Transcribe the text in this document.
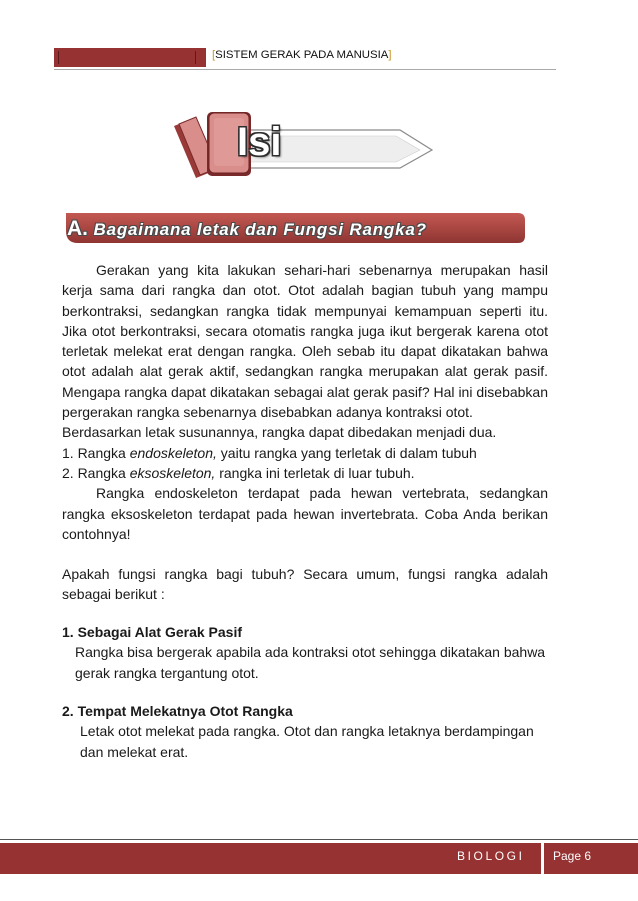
[SISTEM GERAK PADA MANUSIA]
Isi
A. Bagaimana letak dan Fungsi Rangka?

Gerakan yang kita lakukan sehari-hari sebenarnya merupakan hasil kerja sama dari rangka dan otot. Otot adalah bagian tubuh yang mampu berkontraksi, sedangkan rangka tidak mempunyai kemampuan seperti itu. Jika otot berkontraksi, secara otomatis rangka juga ikut bergerak karena otot terletak melekat erat dengan rangka. Oleh sebab itu dapat dikatakan bahwa otot adalah alat gerak aktif, sedangkan rangka merupakan alat gerak pasif. Mengapa rangka dapat dikatakan sebagai alat gerak pasif? Hal ini disebabkan pergerakan rangka sebenarnya disebabkan adanya kontraksi otot.

Berdasarkan letak susunannya, rangka dapat dibedakan menjadi dua.

1. Rangka endoskeleton, yaitu rangka yang terletak di dalam tubuh

2. Rangka eksoskeleton, rangka ini terletak di luar tubuh.

Rangka endoskeleton terdapat pada hewan vertebrata, sedangkan rangka eksoskeleton terdapat pada hewan invertebrata. Coba Anda berikan contohnya!

Apakah fungsi rangka bagi tubuh? Secara umum, fungsi rangka adalah sebagai berikut :

1. Sebagai Alat Gerak Pasif

Rangka bisa bergerak apabila ada kontraksi otot sehingga dikatakan bahwa gerak rangka tergantung otot.

2. Tempat Melekatnya Otot Rangka

Letak otot melekat pada rangka. Otot dan rangka letaknya berdampingan dan melekat erat.

BIOLOGI Page 6
